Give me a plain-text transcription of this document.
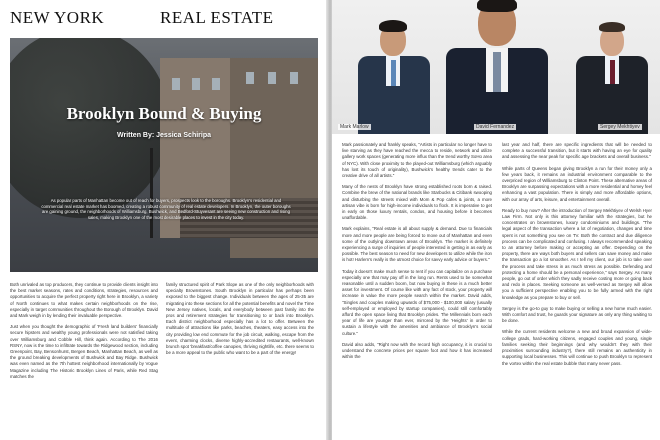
NEW YORK	REAL ESTATE
Brooklyn Bound & Buying
Written By: Jessica Schiripa
As popular parts of Manhattan become out of reach for buyers, prospects look to the boroughs. Brooklyn's residential and commercial real estate market has boomed, creating a robust community of real estate developers. In Brooklyn, the outer boroughs are gaining ground, the neighborhoods of Williamsburg, Bushwick, and Bedford-Stuyvesant are seeing new construction and rising sales, making Brooklyn one of the most desirable places to invest in the city today.

Both unrivaled as top producers, they continue to provide clients insight into the best market seasons, rates and conditions, strategies, resources and opportunities to acquire the perfect property right here in Brooklyn, a variety of North continues to what makes certain neighborhoods on the rise, especially in target communities throughout the Borough of Brooklyn. David and Mark weigh in by lending their invaluable perspective.

Just when you thought the demographic of 'Fresh land builders' financially secure hipsters and wealthy young professionals were not satisfied taking over Williamsburg and Cobble Hill, think again. According to The 2016 RSNY, now is the time to infiltrate towards the Ridgewood section, including Greenpoint, Bay, Bensonhurst, Bergen Beach, Manhattan Beach, as well as the ground breaking developments of Bushwick and Bay Ridge. Bushwick was even named as the 7th hottest neighborhood internationally by Vogue Magazine including The Historic Brooklyn Lines of Paris, while Red Stag matches the

family structured spirit of Park Slope as one of the only neighborhoods with specialty Brownstones. South Brooklyn in particular has perhaps been exposed to the biggest change. Individuals between the ages of 25-35 are migrating into these sections for all the potential benefits and novel the Time New Jersey natives, locals, and everybody between past family into the pros and retirement strategies for transitioning to or back into Brooklyn. Each district neighborhood especially has a lot to offer. Between the multitude of attractions like parks, beaches, theaters, easy access into the city providing low end commute for the job circuit, walking, escape from the event, charming clocks, diverse highly-accredited restaurants, well-known brunch spot 'breakfast/coffee canopies, thriving nightlife, etc. there seems to be a more appeal to the public who want to be a part of the energy!

Mark Marlow	David Fernandez	Sergey Mekhtiyev

Mark passionately and frankly speaks, "Artists in particular no longer have to live starving as they have reached the mecca to reside, network and utilize gallery work spaces (generating more influx than the trend worthy SoHo area of NYC). With close proximity to the played-out Williamsburg (which arguably has lost its touch of originality), Bushwick's healthy trends cater to the creative drive of all artists."

Many of the nests of Brooklyn have strong established roots born & raised. Combine the brew of the national brands like Starbucks & Citibank swooping and disturbing the streets mixed with Mom & Pop cafes & joints, a more artisan vibe is born for high-income individuals to flock. It is imperative to get in early on those luxury rentals, condos, and housing before it becomes unaffordable.

Mark explains, "Real estate is all about supply & demand. Due to financials more and more people are being forced to move out of Manhattan and even some of the outlying downtown areas of Brooklyn. The market is definitely experiencing a surge of inquiries of people interested in getting in as early as possible. The best season to need for new developers to utilize while the iron is hot! Harlem's really is the utmost choice for savvy early advice or buyers."

Today it doesn't make much sense to rent if you can capitalize on a purchase especially one that may pay off in the long run. Rents used to be somewhat reasonable until a sudden boom, but now buying in these is a much better asset for investment. Of course like with any fact of stock, your property will increase in value the more people search within the market. David adds, "Singles and couples making upwards of $75,000 - $100,000 salary (usually self-employed or employed by startup companies), could still comfortably afford the open space living that Brooklyn prides. The Millennials born each year of life are younger than ever, mirrored by the 'Heights' in order to sustain a lifestyle with the amenities and ambiance of Brooklyn's social culture."

David also adds, "Right now with the record high occupancy, it is crucial to understand the concrete prices per square foot and how it has increased within the

last year and half, there are specific ingredients that will be needed to complete a successful transition, but it starts with having an eye for quality and assessing the near peak for specific age brackets and overall business."

While parts of Queens began giving Brooklyn a run for their money only a few years back, it remains an industrial environment comparable to the overpriced region of Williamsburg to Clinton Point. These alternative areas of Brooklyn are surpassing expectations with a more residential and homey feel enhancing a vast population. There is simply and more affordable options, with our array of arts, leisure, and entertainment overall.

Ready to buy now? After the introduction of Sergey Mekhtiyev of Welsh Hyer Law Firm. Not only is this attorney familiar with the strategies, but he concentrates on brownstones, luxury condominiums and buildings. "The legal aspect of the transaction where a lot of negotiation, changes and time spent is not something you see on TV. Both the contract and due diligence process can be complicated and confusing. I always recommended speaking to an attorney before making or accepting an offer. Depending on the property, there are ways both buyers and sellers can save money and make the transaction go a lot smoother. As I tell my client, our job is to take over the process and take stress in as much stress as possible. Defending and protecting a home should be a personal experience," says Sergey. As many people, go out of order which they sadly receive costing more or going back and redo in places. Seeking someone as well-versed as Sergey will allow you a sufficient perspective enabling you to be fully armed with the right knowledge as you prepare to buy or sell.

Sergey is the go-to guy to make buying or selling a new home much easier. With comfort and trust, he guards your signature as only any thing waiting to be done.

While the current residents welcome a new and broad expansion of wide-college grads, hard-working citizens, engaged couples and young, single families seeking their beginnings (and why wouldn't they with their proximities surrounding industry?), there still remains an authenticity in supporting local businesses. This will continue to push Brooklyn to represent the vortex within the real estate bubble that many never pass.
